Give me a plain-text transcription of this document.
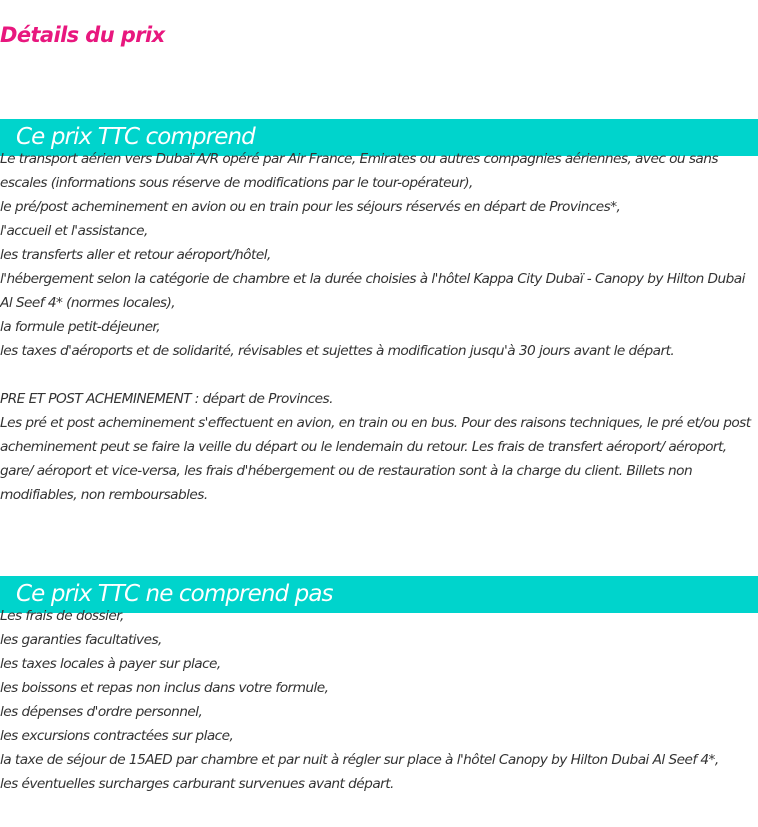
Détails du prix
Ce prix TTC comprend

Le transport aérien vers Dubaï A/R opéré par Air France, Emirates ou autres compagnies aériennes, avec ou sans escales (informations sous réserve de modifications par le tour-opérateur),

le pré/post acheminement en avion ou en train pour les séjours réservés en départ de Provinces*,

l'accueil et l'assistance,

les transferts aller et retour aéroport/hôtel,

l'hébergement selon la catégorie de chambre et la durée choisies à l'hôtel Kappa City Dubaï - Canopy by Hilton Dubai Al Seef 4* (normes locales),

la formule petit-déjeuner,

les taxes d'aéroports et de solidarité, révisables et sujettes à modification jusqu'à 30 jours avant le départ.

PRE ET POST ACHEMINEMENT : départ de Provinces.

Les pré et post acheminement s'effectuent en avion, en train ou en bus. Pour des raisons techniques, le pré et/ou post acheminement peut se faire la veille du départ ou le lendemain du retour. Les frais de transfert aéroport/ aéroport, gare/ aéroport et vice-versa, les frais d'hébergement ou de restauration sont à la charge du client. Billets non modifiables, non remboursables.

Ce prix TTC ne comprend pas

Les frais de dossier,

les garanties facultatives,

les taxes locales à payer sur place,

les boissons et repas non inclus dans votre formule,

les dépenses d'ordre personnel,

les excursions contractées sur place,

la taxe de séjour de 15AED par chambre et par nuit à régler sur place à l'hôtel Canopy by Hilton Dubai Al Seef 4*,

les éventuelles surcharges carburant survenues avant départ.
